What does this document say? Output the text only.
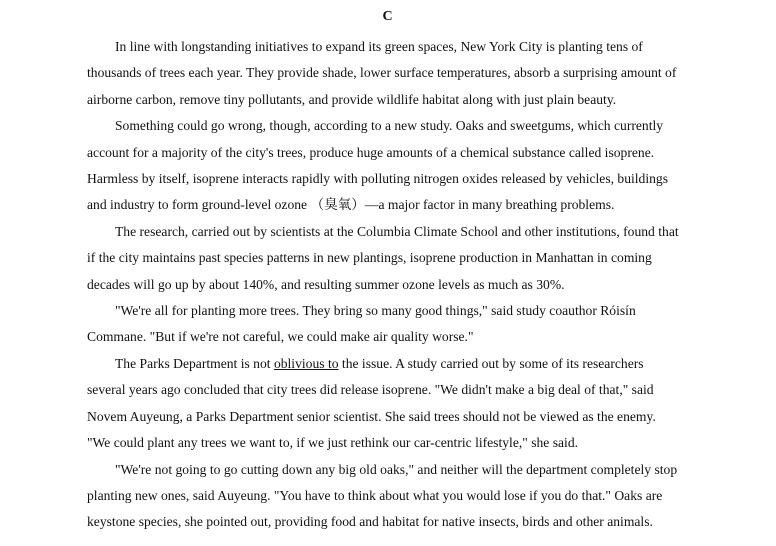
C

In line with longstanding initiatives to expand its green spaces, New York City is planting tens of
thousands of trees each year. They provide shade, lower surface temperatures, absorb a surprising amount of
airborne carbon, remove tiny pollutants, and provide wildlife habitat along with just plain beauty.

Something could go wrong, though, according to a new study. Oaks and sweetgums, which currently
account for a majority of the city's trees, produce huge amounts of a chemical substance called isoprene.
Harmless by itself, isoprene interacts rapidly with polluting nitrogen oxides released by vehicles, buildings
and industry to form ground-level ozone （臭氧）—a major factor in many breathing problems.

The research, carried out by scientists at the Columbia Climate School and other institutions, found that
if the city maintains past species patterns in new plantings, isoprene production in Manhattan in coming
decades will go up by about 140%, and resulting summer ozone levels as much as 30%.

"We're all for planting more trees. They bring so many good things," said study coauthor Róisín
Commane. "But if we're not careful, we could make air quality worse."

The Parks Department is not oblivious to the issue. A study carried out by some of its researchers
several years ago concluded that city trees did release isoprene. "We didn't make a big deal of that," said
Novem Auyeung, a Parks Department senior scientist. She said trees should not be viewed as the enemy.
"We could plant any trees we want to, if we just rethink our car-centric lifestyle," she said.

"We're not going to go cutting down any big old oaks," and neither will the department completely stop
planting new ones, said Auyeung. "You have to think about what you would lose if you do that." Oaks are
keystone species, she pointed out, providing food and habitat for native insects, birds and other animals.
